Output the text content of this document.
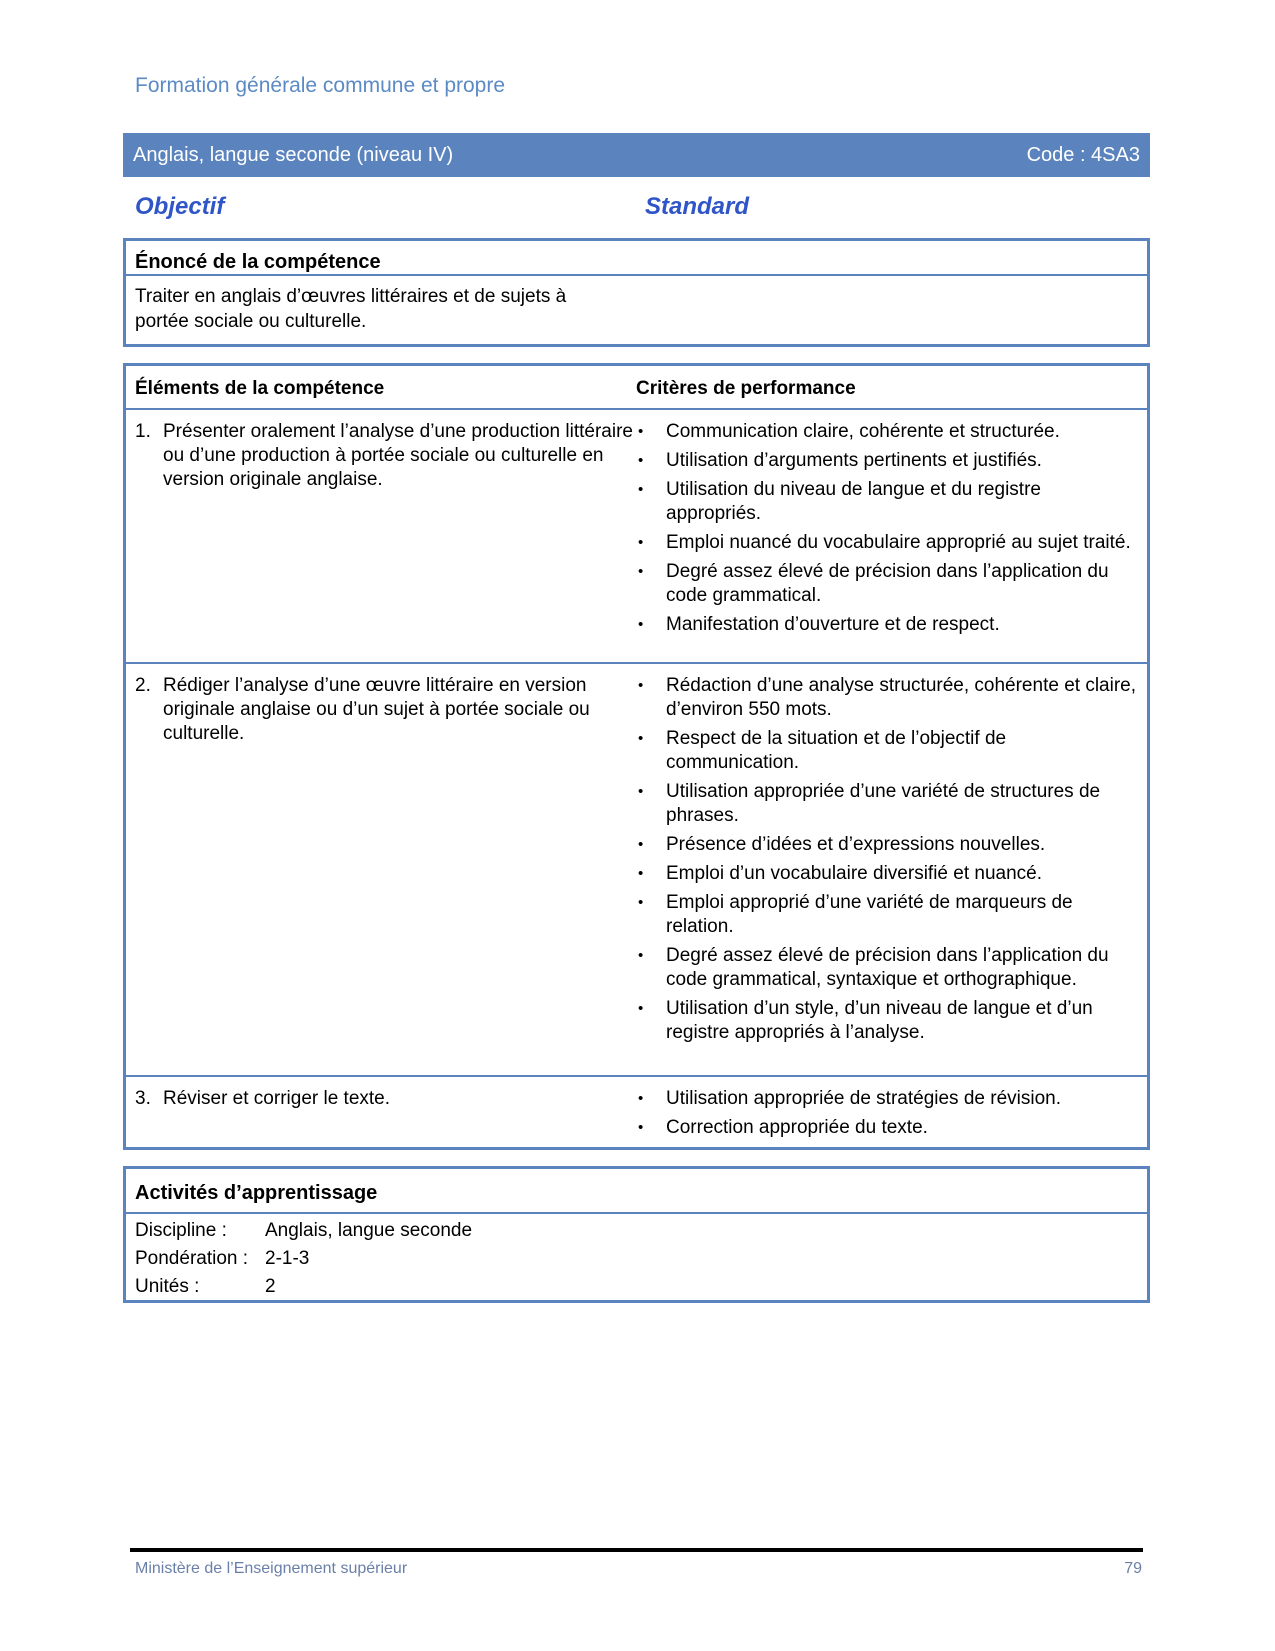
Formation générale commune et propre
Anglais, langue seconde (niveau IV)	Code : 4SA3
Objectif	Standard
Énoncé de la compétence
Traiter en anglais d’œuvres littéraires et de sujets à portée sociale ou culturelle.
Éléments de la compétence	Critères de performance
1. Présenter oralement l’analyse d’une production littéraire ou d’une production à portée sociale ou culturelle en version originale anglaise.
•	Communication claire, cohérente et structurée.
•	Utilisation d’arguments pertinents et justifiés.
•	Utilisation du niveau de langue et du registre appropriés.
•	Emploi nuancé du vocabulaire approprié au sujet traité.
•	Degré assez élevé de précision dans l’application du code grammatical.
•	Manifestation d’ouverture et de respect.
2. Rédiger l’analyse d’une œuvre littéraire en version originale anglaise ou d’un sujet à portée sociale ou culturelle.
•	Rédaction d’une analyse structurée, cohérente et claire, d’environ 550 mots.
•	Respect de la situation et de l’objectif de communication.
•	Utilisation appropriée d’une variété de structures de phrases.
•	Présence d’idées et d’expressions nouvelles.
•	Emploi d’un vocabulaire diversifié et nuancé.
•	Emploi approprié d’une variété de marqueurs de relation.
•	Degré assez élevé de précision dans l’application du code grammatical, syntaxique et orthographique.
•	Utilisation d’un style, d’un niveau de langue et d’un registre appropriés à l’analyse.
3. Réviser et corriger le texte.	•	Utilisation appropriée de stratégies de révision.
•	Correction appropriée du texte.
Activités d’apprentissage
Discipline :	Anglais, langue seconde
Pondération : 2-1-3
Unités :	2
Ministère de l’Enseignement supérieur	79
